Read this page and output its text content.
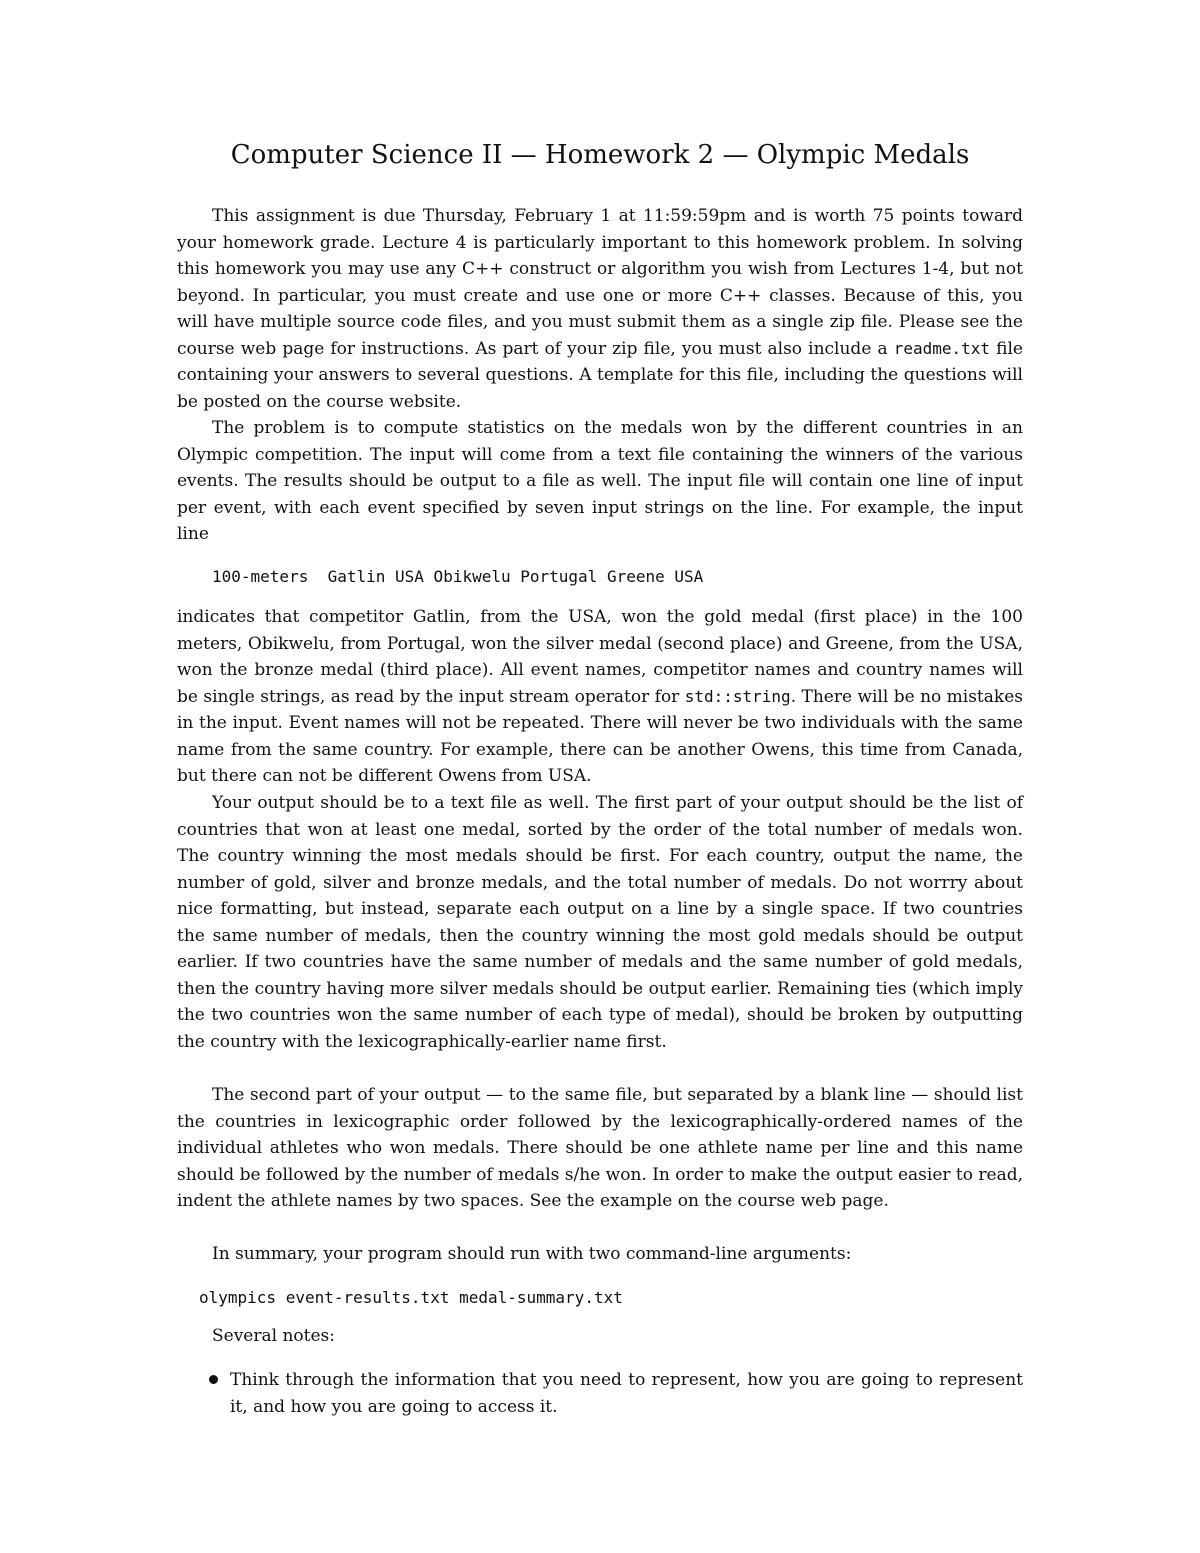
Computer Science II — Homework 2 — Olympic Medals

This assignment is due Thursday, February 1 at 11:59:59pm and is worth 75 points toward your homework grade. Lecture 4 is particularly important to this homework problem. In solving this homework you may use any C++ construct or algorithm you wish from Lectures 1-4, but not beyond. In particular, you must create and use one or more C++ classes. Because of this, you will have multiple source code files, and you must submit them as a single zip file. Please see the course web page for instructions. As part of your zip file, you must also include a readme.txt file containing your answers to several questions. A template for this file, including the questions will be posted on the course website.

The problem is to compute statistics on the medals won by the different countries in an Olympic competition. The input will come from a text file containing the winners of the various events. The results should be output to a file as well. The input file will contain one line of input per event, with each event specified by seven input strings on the line. For example, the input line

100-meters  Gatlin USA Obikwelu Portugal Greene USA

indicates that competitor Gatlin, from the USA, won the gold medal (first place) in the 100 meters, Obikwelu, from Portugal, won the silver medal (second place) and Greene, from the USA, won the bronze medal (third place). All event names, competitor names and country names will be single strings, as read by the input stream operator for std::string. There will be no mistakes in the input. Event names will not be repeated. There will never be two individuals with the same name from the same country. For example, there can be another Owens, this time from Canada, but there can not be different Owens from USA.

Your output should be to a text file as well. The first part of your output should be the list of countries that won at least one medal, sorted by the order of the total number of medals won. The country winning the most medals should be first. For each country, output the name, the number of gold, silver and bronze medals, and the total number of medals. Do not worrry about nice formatting, but instead, separate each output on a line by a single space. If two countries the same number of medals, then the country winning the most gold medals should be output earlier. If two countries have the same number of medals and the same number of gold medals, then the country having more silver medals should be output earlier. Remaining ties (which imply the two countries won the same number of each type of medal), should be broken by outputting the country with the lexicographically-earlier name first.

The second part of your output — to the same file, but separated by a blank line — should list the countries in lexicographic order followed by the lexicographically-ordered names of the individual athletes who won medals. There should be one athlete name per line and this name should be followed by the number of medals s/he won. In order to make the output easier to read, indent the athlete names by two spaces. See the example on the course web page.

In summary, your program should run with two command-line arguments:
olympics event-results.txt medal-summary.txt
Several notes:

Think through the information that you need to represent, how you are going to represent it, and how you are going to access it.
